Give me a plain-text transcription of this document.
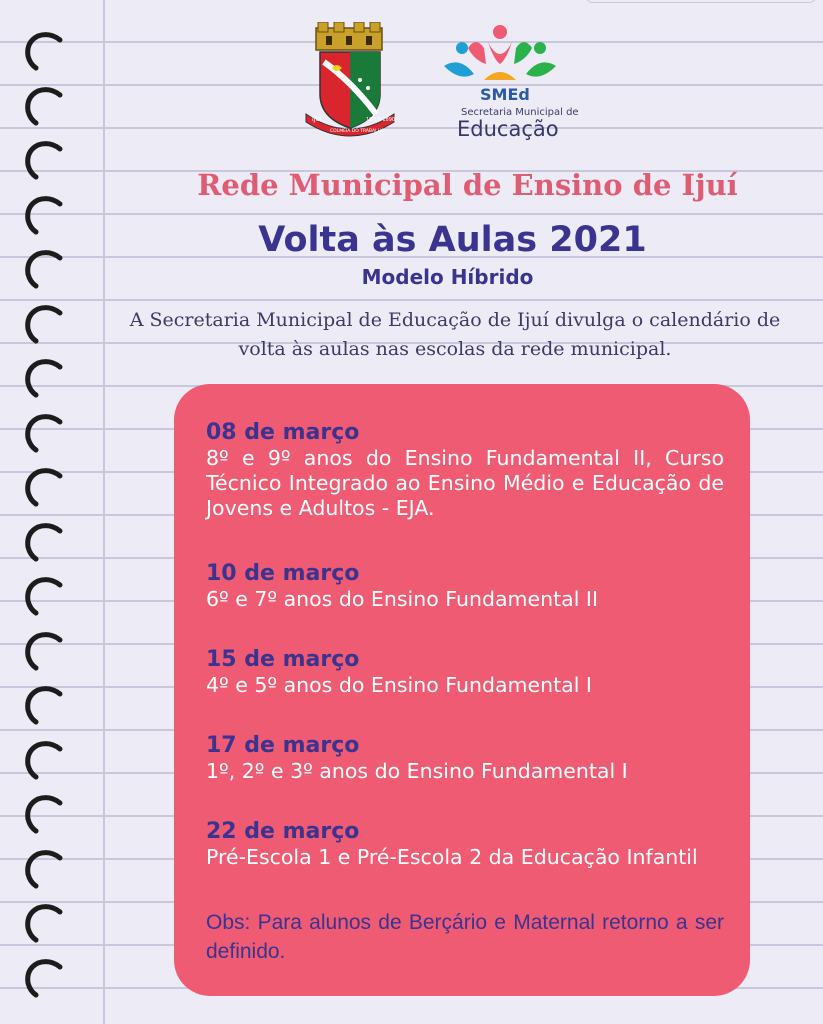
IJUÍ	19-10-1890
COLMÉIA DO TRABALHO
SMEd
Secretaria Municipal de
Educação
Rede Municipal de Ensino de Ijuí
Volta às Aulas 2021
Modelo Híbrido
A Secretaria Municipal de Educação de Ijuí divulga o calendário de volta às aulas nas escolas da rede municipal.
08 de março
8º e 9º anos do Ensino Fundamental II, Curso Técnico Integrado ao Ensino Médio e Educação de Jovens e Adultos - EJA.
10 de março
6º e 7º anos do Ensino Fundamental II
15 de março
4º e 5º anos do Ensino Fundamental I
17 de março
1º, 2º e 3º anos do Ensino Fundamental I
22 de março
Pré-Escola 1 e Pré-Escola 2 da Educação Infantil
Obs: Para alunos de Berçário e Maternal retorno a ser definido.
